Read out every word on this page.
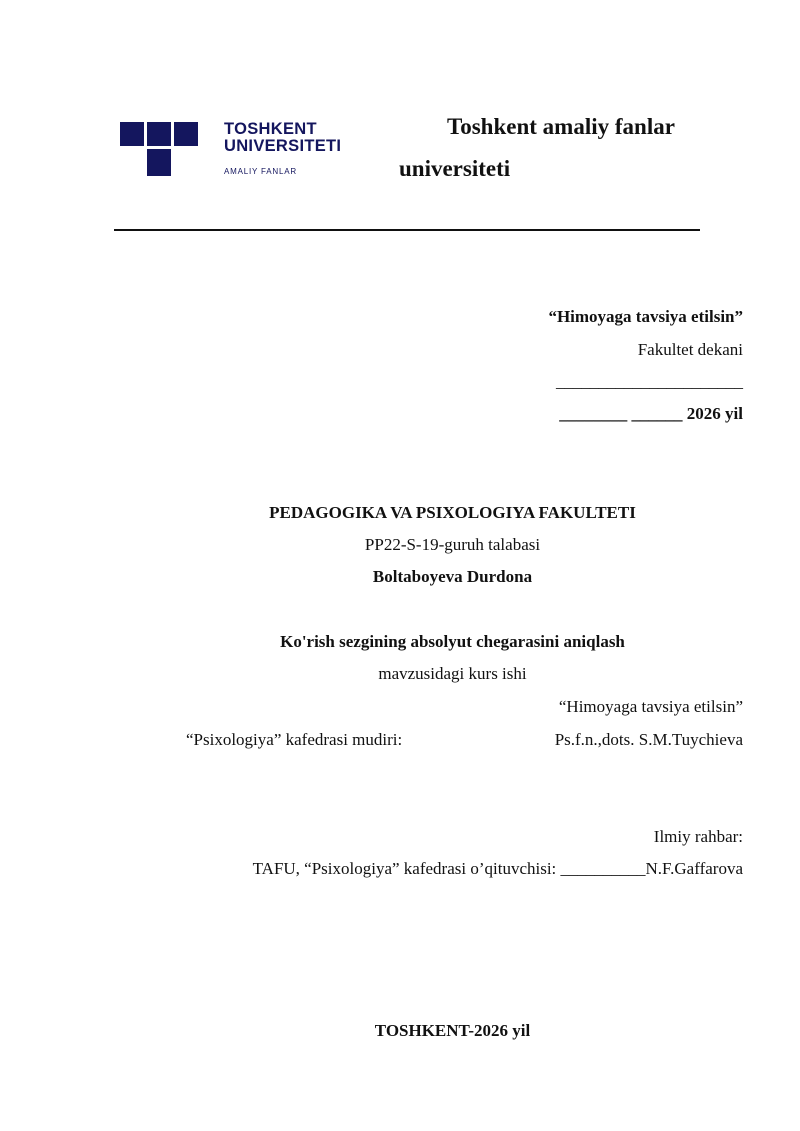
TOSHKENT
UNIVERSITETI
AMALIY FANLAR
Toshkent amaliy fanlar
universiteti
“Himoyaga tavsiya etilsin”
Fakultet dekani
______________________
________ ______ 2026 yil
PEDAGOGIKA VA PSIXOLOGIYA FAKULTETI
PP22-S-19-guruh talabasi
Boltaboyeva Durdona
Ko'rish sezgining absolyut chegarasini aniqlash
mavzusidagi kurs ishi
“Himoyaga tavsiya etilsin”
“Psixologiya” kafedrasi mudiri:	Ps.f.n.,dots. S.M.Tuychieva
Ilmiy rahbar:
TAFU, “Psixologiya” kafedrasi o’qituvchisi: __________N.F.Gaffarova
TOSHKENT-2026 yil
